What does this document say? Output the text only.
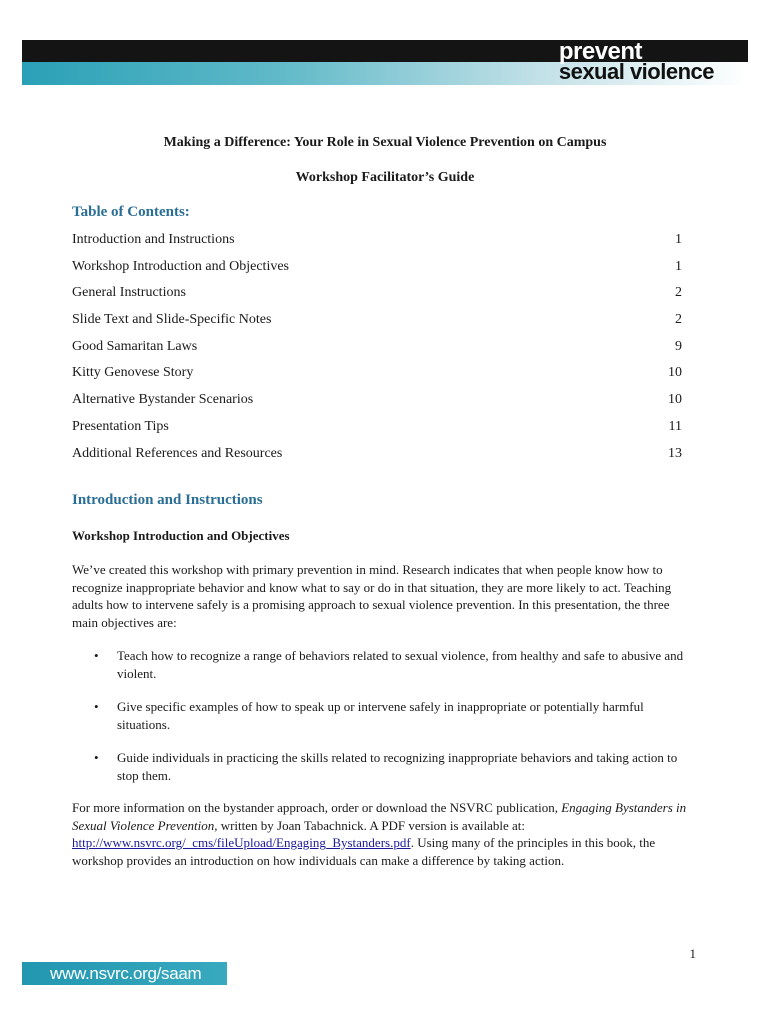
prevent
sexual violence
Making a Difference: Your Role in Sexual Violence Prevention on Campus
Workshop Facilitator’s Guide
Table of Contents:
Introduction and Instructions	1
Workshop Introduction and Objectives	1
General Instructions	2
Slide Text and Slide-Specific Notes	2
Good Samaritan Laws	9
Kitty Genovese Story	10
Alternative Bystander Scenarios	10
Presentation Tips	11
Additional References and Resources	13
Introduction and Instructions
Workshop Introduction and Objectives

We’ve created this workshop with primary prevention in mind. Research indicates that when people know how to recognize inappropriate behavior and know what to say or do in that situation, they are more likely to act. Teaching adults how to intervene safely is a promising approach to sexual violence prevention. In this presentation, the three main objectives are:

• Teach how to recognize a range of behaviors related to sexual violence, from healthy and safe to abusive and violent.
• Give specific examples of how to speak up or intervene safely in inappropriate or potentially harmful situations.
• Guide individuals in practicing the skills related to recognizing inappropriate behaviors and taking action to stop them.

For more information on the bystander approach, order or download the NSVRC publication, Engaging Bystanders in Sexual Violence Prevention, written by Joan Tabachnick. A PDF version is available at: http://www.nsvrc.org/_cms/fileUpload/Engaging_Bystanders.pdf. Using many of the principles in this book, the workshop provides an introduction on how individuals can make a difference by taking action.

1
www.nsvrc.org/saam
